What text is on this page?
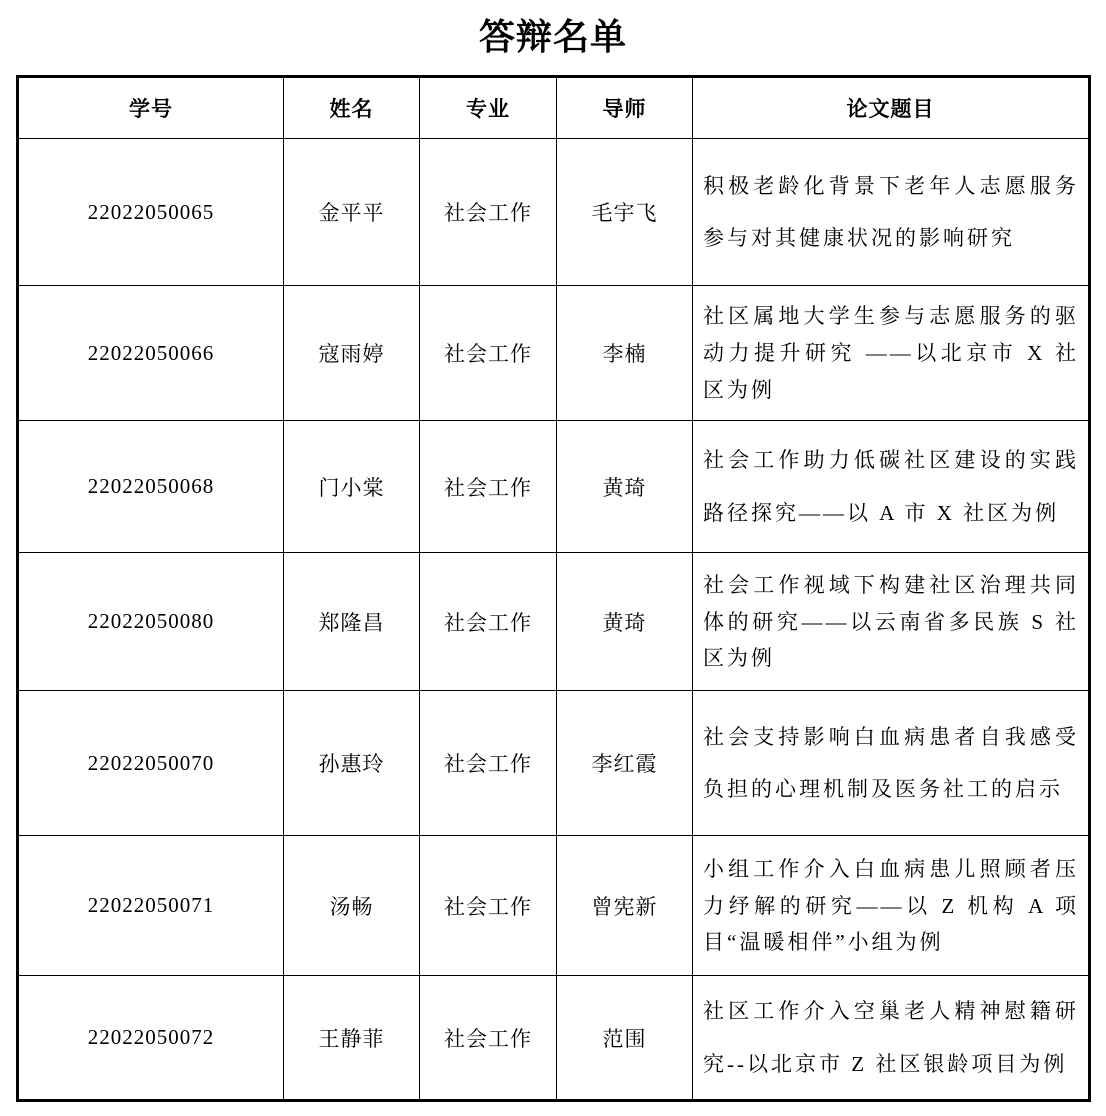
答辩名单
学号	姓名	专业	导师	论文题目
22022050065	金平平	社会工作	毛宇飞	积极老龄化背景下老年人志愿服务参与对其健康状况的影响研究
22022050066	寇雨婷	社会工作	李楠	社区属地大学生参与志愿服务的驱动力提升研究 ——以北京市 X 社区为例
22022050068	门小棠	社会工作	黄琦	社会工作助力低碳社区建设的实践路径探究——以 A 市 X 社区为例
22022050080	郑隆昌	社会工作	黄琦	社会工作视域下构建社区治理共同体的研究——以云南省多民族 S 社区为例
22022050070	孙惠玲	社会工作	李红霞	社会支持影响白血病患者自我感受负担的心理机制及医务社工的启示
22022050071	汤畅	社会工作	曾宪新	小组工作介入白血病患儿照顾者压力纾解的研究——以 Z 机构 A 项目“温暖相伴”小组为例
22022050072	王静菲	社会工作	范围	社区工作介入空巢老人精神慰籍研究--以北京市 Z 社区银龄项目为例
